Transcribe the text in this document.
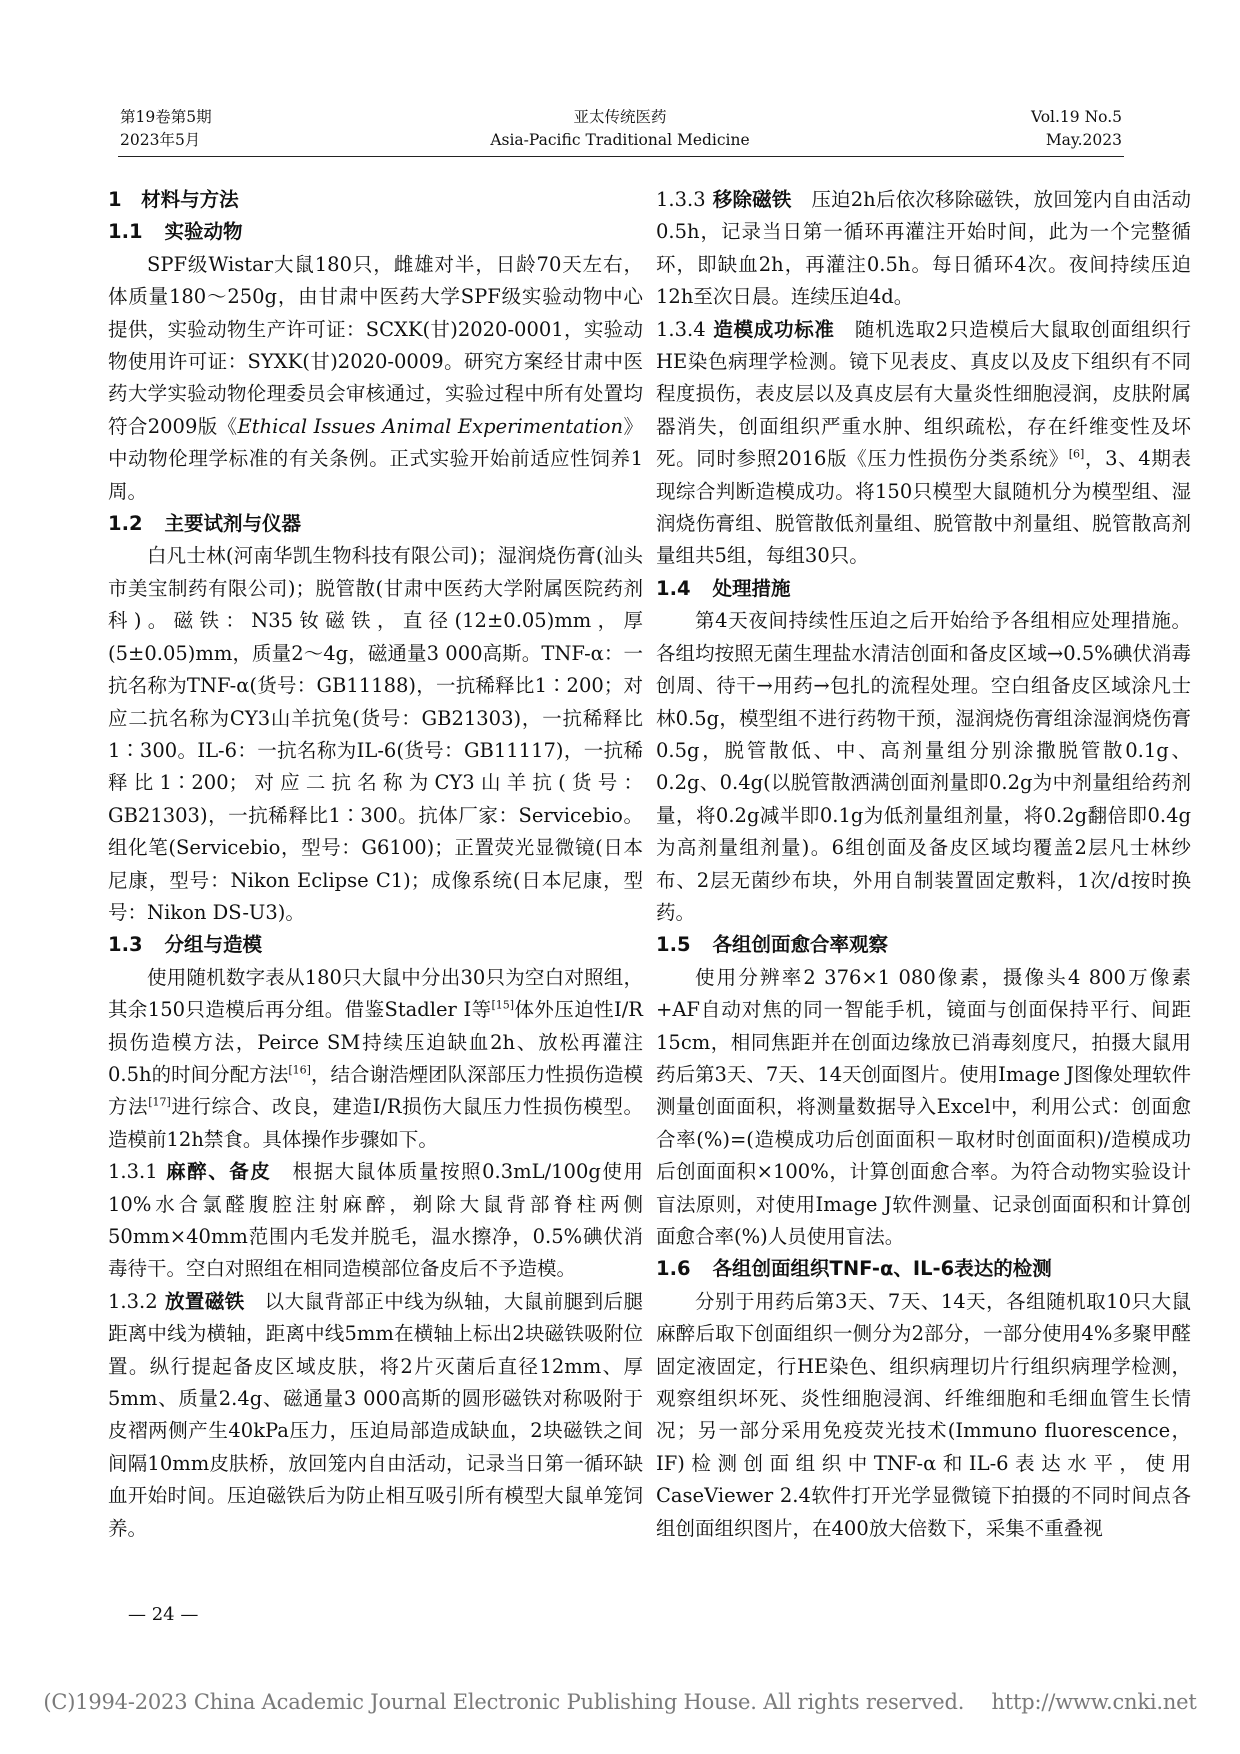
第19卷第5期
2023年5月
亚太传统医药
Asia-Pacific Traditional Medicine
Vol.19 No.5
May.2023

1　材料与方法

1.1 实验动物

SPF级Wistar大鼠180只，雌雄对半，日龄70天左右，体质量180～250g，由甘肃中医药大学SPF级实验动物中心提供，实验动物生产许可证：SCXK(甘)2020-0001，实验动物使用许可证：SYXK(甘)2020-0009。研究方案经甘肃中医药大学实验动物伦理委员会审核通过，实验过程中所有处置均符合2009版《Ethical Issues Animal Experimentation》中动物伦理学标准的有关条例。正式实验开始前适应性饲养1周。

1.2 主要试剂与仪器

白凡士林(河南华凯生物科技有限公司)；湿润烧伤膏(汕头市美宝制药有限公司)；脱管散(甘肃中医药大学附属医院药剂科)。磁铁：N35钕磁铁，直径(12±0.05)mm，厚(5±0.05)mm，质量2～4g，磁通量3 000高斯。TNF-α：一抗名称为TNF-α(货号：GB11188)，一抗稀释比1∶200；对应二抗名称为CY3山羊抗兔(货号：GB21303)，一抗稀释比1∶300。IL-6：一抗名称为IL-6(货号：GB11117)，一抗稀释比1∶200；对应二抗名称为CY3山羊抗(货号：GB21303)，一抗稀释比1∶300。抗体厂家：Servicebio。组化笔(Servicebio，型号：G6100)；正置荧光显微镜(日本尼康，型号：Nikon Eclipse C1)；成像系统(日本尼康，型号：Nikon DS-U3)。

1.3 分组与造模

使用随机数字表从180只大鼠中分出30只为空白对照组，其余150只造模后再分组。借鉴Stadler I等[15]体外压迫性I/R损伤造模方法，Peirce SM持续压迫缺血2h、放松再灌注0.5h的时间分配方法[16]，结合谢浩煙团队深部压力性损伤造模方法[17]进行综合、改良，建造I/R损伤大鼠压力性损伤模型。造模前12h禁食。具体操作步骤如下。

1.3.1 麻醉、备皮　 根据大鼠体质量按照0.3mL/100g使用10%水合氯醛腹腔注射麻醉，剃除大鼠背部脊柱两侧50mm×40mm范围内毛发并脱毛，温水擦净，0.5%碘伏消毒待干。空白对照组在相同造模部位备皮后不予造模。

1.3.2 放置磁铁　 以大鼠背部正中线为纵轴，大鼠前腿到后腿距离中线为横轴，距离中线5mm在横轴上标出2块磁铁吸附位置。纵行提起备皮区域皮肤，将2片灭菌后直径12mm、厚5mm、质量2.4g、磁通量3 000高斯的圆形磁铁对称吸附于皮褶两侧产生40kPa压力，压迫局部造成缺血，2块磁铁之间间隔10mm皮肤桥，放回笼内自由活动，记录当日第一循环缺血开始时间。压迫磁铁后为防止相互吸引所有模型大鼠单笼饲养。

1.3.3 移除磁铁　 压迫2h后依次移除磁铁，放回笼内自由活动0.5h，记录当日第一循环再灌注开始时间，此为一个完整循环，即缺血2h，再灌注0.5h。每日循环4次。夜间持续压迫12h至次日晨。连续压迫4d。

1.3.4 造模成功标准　 随机选取2只造模后大鼠取创面组织行HE染色病理学检测。镜下见表皮、真皮以及皮下组织有不同程度损伤，表皮层以及真皮层有大量炎性细胞浸润，皮肤附属器消失，创面组织严重水肿、组织疏松，存在纤维变性及坏死。同时参照2016版《压力性损伤分类系统》[6]，3、4期表现综合判断造模成功。将150只模型大鼠随机分为模型组、湿润烧伤膏组、脱管散低剂量组、脱管散中剂量组、脱管散高剂量组共5组，每组30只。

1.4 处理措施

第4天夜间持续性压迫之后开始给予各组相应处理措施。各组均按照无菌生理盐水清洁创面和备皮区域→0.5%碘伏消毒创周、待干→用药→包扎的流程处理。空白组备皮区域涂凡士林0.5g，模型组不进行药物干预，湿润烧伤膏组涂湿润烧伤膏0.5g，脱管散低、中、高剂量组分别涂撒脱管散0.1g、0.2g、0.4g(以脱管散洒满创面剂量即0.2g为中剂量组给药剂量，将0.2g减半即0.1g为低剂量组剂量，将0.2g翻倍即0.4g为高剂量组剂量)。6组创面及备皮区域均覆盖2层凡士林纱布、2层无菌纱布块，外用自制装置固定敷料，1次/d按时换药。

1.5 各组创面愈合率观察

使用分辨率2 376×1 080像素，摄像头4 800万像素+AF自动对焦的同一智能手机，镜面与创面保持平行、间距15cm，相同焦距并在创面边缘放已消毒刻度尺，拍摄大鼠用药后第3天、7天、14天创面图片。使用Image J图像处理软件测量创面面积，将测量数据导入Excel中，利用公式：创面愈合率(%)=(造模成功后创面面积－取材时创面面积)/造模成功后创面面积×100%，计算创面愈合率。为符合动物实验设计盲法原则，对使用Image J软件测量、记录创面面积和计算创面愈合率(%)人员使用盲法。

1.6 各组创面组织TNF-α、IL-6表达的检测

分别于用药后第3天、7天、14天，各组随机取10只大鼠麻醉后取下创面组织一侧分为2部分，一部分使用4%多聚甲醛固定液固定，行HE染色、组织病理切片行组织病理学检测，观察组织坏死、炎性细胞浸润、纤维细胞和毛细血管生长情况；另一部分采用免疫荧光技术(Immuno fluorescence，IF)检测创面组织中TNF-α和IL-6表达水平，使用CaseViewer 2.4软件打开光学显微镜下拍摄的不同时间点各组创面组织图片，在400放大倍数下，采集不重叠视

— 24 —
(C)1994-2023 China Academic Journal Electronic Publishing House. All rights reserved.　 http://www.cnki.net
